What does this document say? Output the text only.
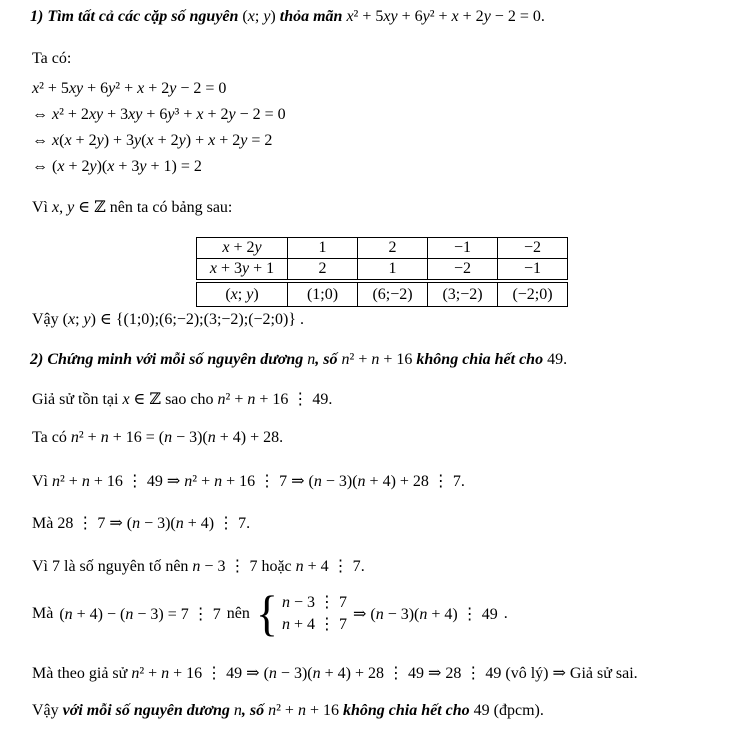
1) Tìm tất cả các cặp số nguyên (x; y) thỏa mãn x² + 5xy + 6y² + x + 2y − 2 = 0.
Ta có:
x² + 5xy + 6y² + x + 2y − 2 = 0
⇔ x² + 2xy + 3xy + 6y³ + x + 2y − 2 = 0
⇔ x(x + 2y) + 3y(x + 2y) + x + 2y = 2
⇔ (x + 2y)(x + 3y + 1) = 2
Vì x, y ∈ ℤ nên ta có bảng sau:
x + 2y	1	2	−1	−2
x + 3y + 1	2	1	−2	−1
(x; y)	(1;0)	(6;−2)	(3;−2)	(−2;0)
Vậy (x; y) ∈ {(1;0);(6;−2);(3;−2);(−2;0)} .
2) Chứng minh với mỗi số nguyên dương n, số n² + n + 16 không chia hết cho 49.
Giả sử tồn tại x ∈ ℤ sao cho n² + n + 16 ⋮ 49.
Ta có n² + n + 16 = (n − 3)(n + 4) + 28.
Vì n² + n + 16 ⋮ 49 ⇒ n² + n + 16 ⋮ 7 ⇒ (n − 3)(n + 4) + 28 ⋮ 7.
Mà 28 ⋮ 7 ⇒ (n − 3)(n + 4) ⋮ 7.
Vì 7 là số nguyên tố nên n − 3 ⋮ 7 hoặc n + 4 ⋮ 7.
Mà (n + 4) − (n − 3) = 7 ⋮ 7 nên { n − 3 ⋮ 7
n + 4 ⋮ 7
⇒ (n − 3)(n + 4) ⋮ 49 .
Mà theo giả sử n² + n + 16 ⋮ 49 ⇒ (n − 3)(n + 4) + 28 ⋮ 49 ⇒ 28 ⋮ 49 (vô lý) ⇒ Giả sử sai.
Vậy với mỗi số nguyên dương n, số n² + n + 16 không chia hết cho 49 (đpcm).
